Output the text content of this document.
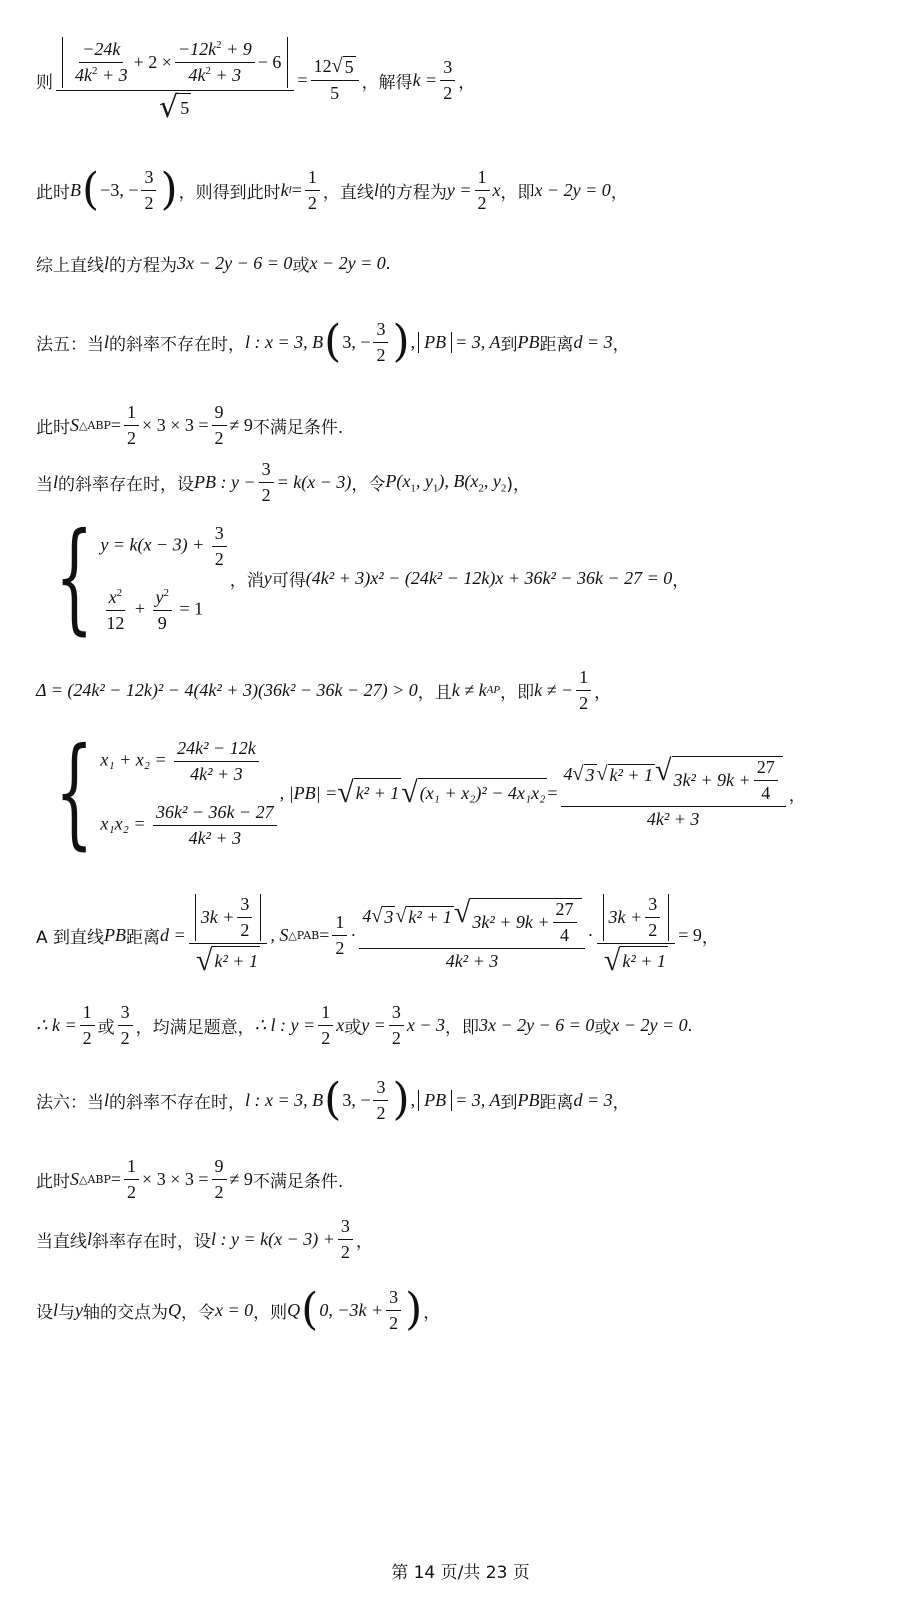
则 $\frac{-24k}{4k^2 + 3} + 2 \times \frac{-12k^2 + 9}{4k^2 + 3} - 6$
√ 5
= $\frac{12 √ 5}{5}$ ，解得 $k = \frac{3}{2}$ ，
此时 B ( −3, − $\frac{3}{2}$ ) ，则得到此时 k $l = \frac{1}{2}$ ，直线 l 的方程为 $y = \frac{1}{2}$ x ，即 x − 2y = 0 ，
综上直线 l 的方程为 3x − 2y − 6 = 0 或 x − 2y = 0 .
法五：当 l 的斜率不存在时， l : x = 3, B ( 3, − $\frac{3}{2}$ ) , PB = 3, A 到 PB 距离 d = 3 ，
此时 S △ABP = $\frac{1}{2} \times 3 \times 3 = \frac{9}{2} \ne 9$ 不满足条件.
当 l 的斜率存在时，设 PB : $y - \frac{3}{2} = k(x - 3)$ ，令 $P(x_1$, $y_1$), $B(x_2$, $y_2$ )，
{ $y = k(x - 3) + \frac{3}{2}$
$\frac{x^2}{12} + \frac{y^2}{9} = 1$
，消 y 可得 (4k² + 3)x² − (24k² − 12k)x + 36k² − 36k − 27 = 0 ，
Δ = (24k² − 12k)² − 4(4k² + 3)(36k² − 36k − 27) > 0 ，且 k ≠ k AP ，即 k ≠ − $\frac{1}{2}$ ，
{ $x_1 + x_2 = \frac{\text{24k² − 12k}}{\text{4k² + 3}}$
$x_1x_2 = \frac{\text{36k² − 36k − 27}}{\text{4k² + 3}}$
, |PB| = √ k² + 1 √ $(x_1 + x_2)^2 - 4x_1x_2 = \frac{4 √ 3 √ k^2 + 1 √ 3k^2 + 9k + \frac{27}{4}}{\text{4k² + 3}}$ ，
A 到直线 PB 距离 $d = \frac{3k + \frac{3}{2}}{\text{√ k² + 1}}$ , S △PAB = $\frac{1}{2} \cdot \frac{4 √ 3 √ k^2 + 1 √ 3k^2 + 9k + \frac{27}{4}}{\text{4k² + 3}} \cdot \frac{3k + \frac{3}{2}}{\text{√ k² + 1}} = 9$ ，
∴ $k = \frac{1}{2}$ 或 $\frac{3}{2}$ ，均满足题意， ∴ l : $y = \frac{1}{2}$ x 或 $y = \frac{3}{2}$ x − 3 ，即 3x − 2y − 6 = 0 或 x − 2y = 0 .
法六：当 l 的斜率不存在时， l : x = 3, B ( 3, − $\frac{3}{2}$ ) , PB = 3, A 到 PB 距离 d = 3 ，
此时 S △ABP = $\frac{1}{2} \times 3 \times 3 = \frac{9}{2} \ne 9$ 不满足条件.
当直线 l 斜率存在时，设 l : $y = k(x - 3) + \frac{3}{2}$ ，
设 l 与 y 轴的交点为 Q ，令 x = 0 ，则 Q ( 0, $-3k + \frac{3}{2}$ ) ，
第 14 页/共 23 页
